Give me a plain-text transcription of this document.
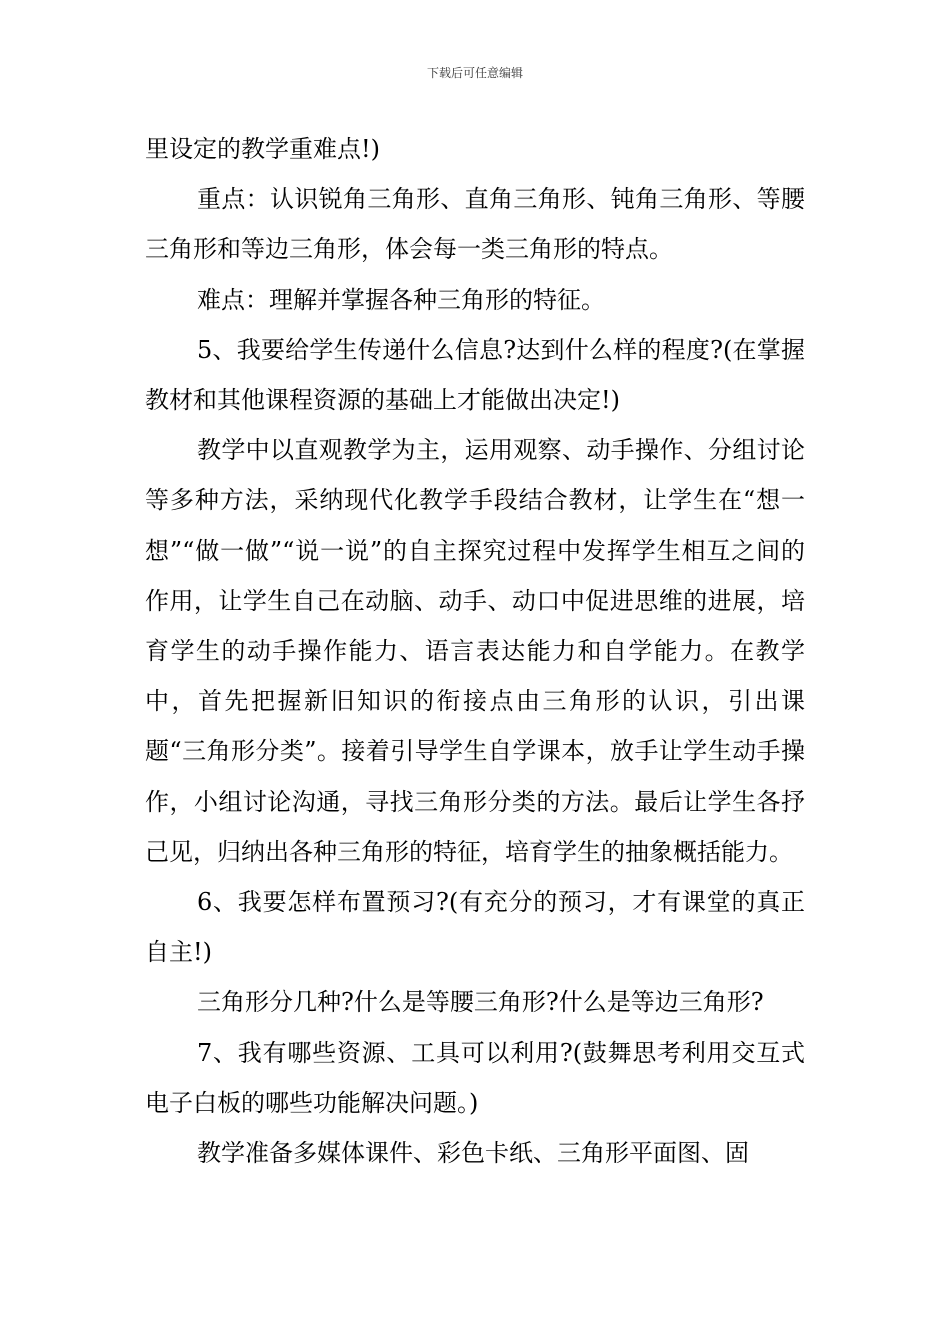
下载后可任意编辑

里设定的教学重难点!)

重点：认识锐角三角形、直角三角形、钝角三角形、等腰三角形和等边三角形，体会每一类三角形的特点。

难点：理解并掌握各种三角形的特征。

5、我要给学生传递什么信息?达到什么样的程度?(在掌握教材和其他课程资源的基础上才能做出决定!)

教学中以直观教学为主，运用观察、动手操作、分组讨论等多种方法，采纳现代化教学手段结合教材，让学生在“想一想”“做一做”“说一说”的自主探究过程中发挥学生相互之间的作用，让学生自己在动脑、动手、动口中促进思维的进展，培育学生的动手操作能力、语言表达能力和自学能力。在教学中，首先把握新旧知识的衔接点由三角形的认识，引出课题“三角形分类”。接着引导学生自学课本，放手让学生动手操作，小组讨论沟通，寻找三角形分类的方法。最后让学生各抒己见，归纳出各种三角形的特征，培育学生的抽象概括能力。

6、我要怎样布置预习?(有充分的预习，才有课堂的真正自主!)

三角形分几种?什么是等腰三角形?什么是等边三角形?

7、我有哪些资源、工具可以利用?(鼓舞思考利用交互式电子白板的哪些功能解决问题。)

教学准备多媒体课件、彩色卡纸、三角形平面图、固
